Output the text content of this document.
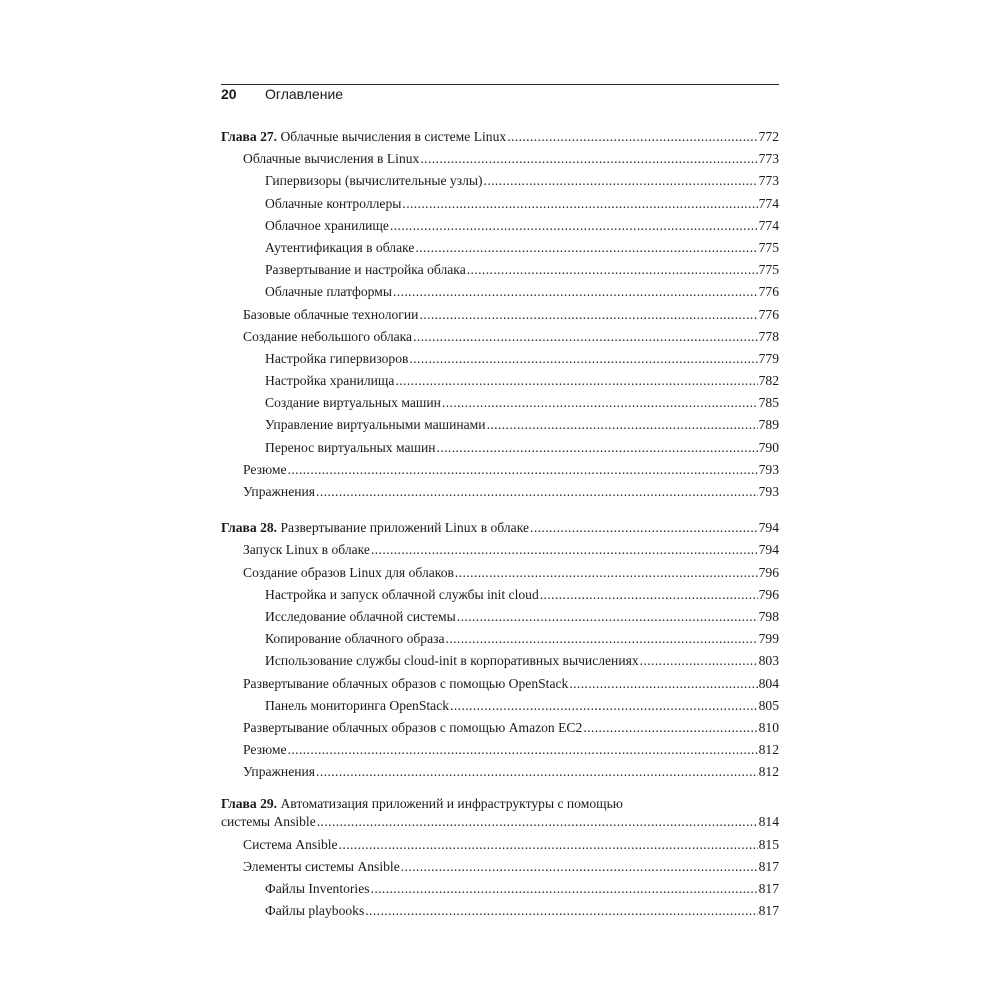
20 Оглавление
Глава 27. Облачные вычисления в системе Linux .....	772
Облачные вычисления в Linux .....	773
Гипервизоры (вычислительные узлы) .....	773
Облачные контроллеры .....	774
Облачное хранилище .....	774
Аутентификация в облаке .....	775
Развертывание и настройка облака .....	775
Облачные платформы .....	776
Базовые облачные технологии .....	776
Создание небольшого облака .....	778
Настройка гипервизоров .....	779
Настройка хранилища .....	782
Создание виртуальных машин .....	785
Управление виртуальными машинами .....	789
Перенос виртуальных машин .....	790
Резюме .....	793
Упражнения .....	793
Глава 28. Развертывание приложений Linux в облаке .....	794
Запуск Linux в облаке .....	794
Создание образов Linux для облаков .....	796
Настройка и запуск облачной службы init cloud .....	796
Исследование облачной системы .....	798
Копирование облачного образа .....	799
Использование службы cloud-init в корпоративных вычислениях .....	803
Развертывание облачных образов с помощью OpenStack .....	804
Панель мониторинга OpenStack .....	805
Развертывание облачных образов с помощью Amazon EC2 .....	810
Резюме .....	812
Упражнения .....	812
Глава 29. Автоматизация приложений и инфраструктуры с помощью
системы Ansible .....	814
Система Ansible .....	815
Элементы системы Ansible .....	817
Файлы Inventories .....	817
Файлы playbooks .....	817
